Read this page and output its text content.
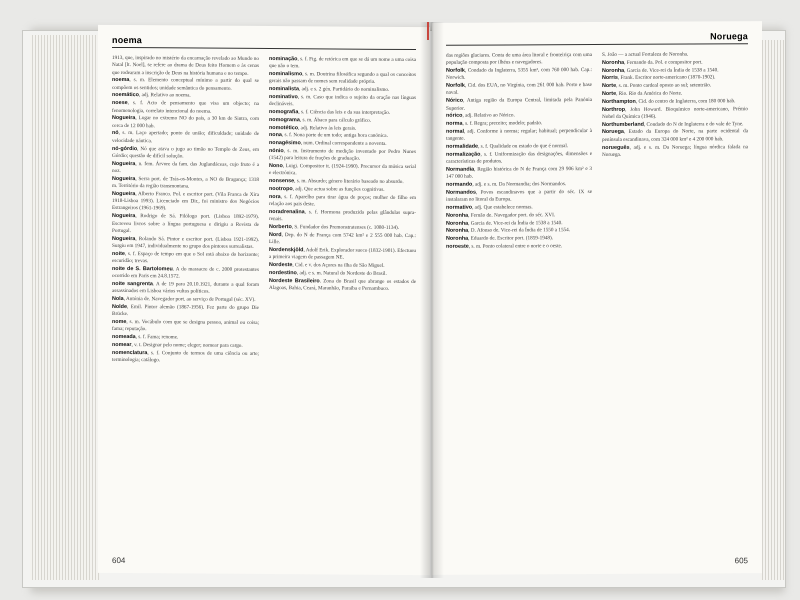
noema
1913, que, inspirado no mistério da encarnação revelado ao Mundo no Natal [lt. Noel], se refere ao drama de Deus feito Homem e às cenas que rodearam a inscrição de Deus na história humana e no tempo.
noema, s. m. Elemento conceptual mínimo a partir do qual se compõem os sentidos; unidade semântica do pensamento.
noemático, adj. Relativo ao noema.
noese, s. f. Acto de pensamento que visa um objecto; na fenomenologia, correlato intencional do noema.
Nogueira, Lugar no extremo NO do país, a 30 km de Sintra, com cerca de 12 000 hab.
nó, s. m. Laço apertado; ponto de união; dificuldade; unidade de velocidade náutica.
nó-górdio, Nó que atava o jugo ao timão no Templo de Zeus, em Górdio; questão de difícil solução.
Nogueira, n. fem. Árvore da fam. das Juglandáceas, cujo fruto é a noz.
Nogueira, Serra port. de Trás-os-Montes, a NO de Bragança; 1318 m. Território da região transmontana.
Nogueira, Alberto Franco. Pol. e escritor port. (Vila Franca de Xira 1918-Lisboa 1993). Licenciado em Dir., foi ministro dos Negócios Estrangeiros (1961-1969).
Nogueira, Rodrigo de Sá. Filólogo port. (Lisboa 1892-1979). Escreveu livros sobre a língua portuguesa e dirigiu a Revista de Portugal.
Nogueira, Rolando Sá. Pintor e escritor port. (Lisboa 1921-1992). Surgiu em 1947, individualmente no grupo dos pintores surrealistas.
noite, s. f. Espaço de tempo em que o Sol está abaixo do horizonte; escuridão; trevas.
noite de S. Bartolomeu. A do massacre de c. 2000 protestantes ocorrido em Paris em 24.8.1572.
noite sangrenta. A de 19 para 20.10.1921, durante a qual foram assassinados em Lisboa vários vultos políticos.
Nola, Antónia de. Navegador port. ao serviço de Portugal (séc. XV).
Nolde, Emil. Pintor alemão (1867-1956). Fez parte do grupo Die Brücke.
nome, s. m. Vocábulo com que se designa pessoa, animal ou coisa; fama; reputação.
nomeada, s. f. Fama; renome.
nomear, v. t. Designar pelo nome; eleger; nomear para cargo.
nomenclatura, s. f. Conjunto de termos de uma ciência ou arte; terminologia; catálogo.
nominação, s. f. Fig. de retórica em que se dá um nome a uma coisa que não o tem.
nominalismo, s. m. Doutrina filosófica segundo a qual os conceitos gerais não passam de nomes sem realidade própria.
nominalista, adj. e s. 2 gén. Partidário do nominalismo.
nominativo, s. m. Caso que indica o sujeito da oração nas línguas declináveis.
nomografia, s. f. Ciência das leis e da sua interpretação.
nomograma, s. m. Ábaco para cálculo gráfico.
nomotético, adj. Relativo às leis gerais.
nona, s. f. Nona parte de um todo; antiga hora canónica.
nonagésimo, num. Ordinal correspondente a noventa.
nónio, s. m. Instrumento de medição inventado por Pedro Nunes (1542) para leitura de frações de graduação.
Nono, Luigi. Compositor it. (1924-1990). Precursor da música serial e electrónica.
nonsense, s. m. Absurdo; género literário baseado no absurdo.
nootropo, adj. Que actua sobre as funções cognitivas.
nora, s. f. Aparelho para tirar água de poços; mulher do filho em relação aos pais deste.
noradrenalina, s. f. Hormona produzida pelas glândulas supra-renais.
Norberto, S. Fundador dos Premonstratenses (c. 1080-1134).
Nord, Dep. do N de França com 5742 km² e 2 555 000 hab. Cap.: Lille.
Nordenskjöld, Adolf Erik. Explorador sueco (1832-1901). Efectuou a primeira viagem de passagem NE.
Nordeste, Cid. e v. dos Açores na ilha de São Miguel.
nordestino, adj. e s. m. Natural do Nordeste do Brasil.
Nordeste Brasileiro. Zona do Brasil que abrange os estados de Alagoas, Bahia, Ceará, Maranhão, Paraíba e Pernambuco.
604
Noruega
das regiões glaciares. Conta de uma área litoral e fronteiriça com uma população composta por ilhéus e navegadores.
Norfolk, Condado da Inglaterra, 5355 km², com 760 000 hab. Cap.: Norwich.
Norfolk, Cid. dos EUA, no Virgínia, com 261 000 hab. Porto e base naval.
Nórico, Antiga região da Europa Central, limitada pela Panónia Superior.
nórico, adj. Relativo ao Nórico.
norma, s. f. Regra; preceito; modelo; padrão.
normal, adj. Conforme à norma; regular; habitual; perpendicular à tangente.
normalidade, s. f. Qualidade ou estado do que é normal.
normalização, s. f. Uniformização das designações, dimensões e características de produtos.
Normandia, Região histórica do N de França com 29 906 km² e 3 147 000 hab.
normando, adj. e s. m. Da Normandia; dos Normandos.
Normandos, Povos escandinavos que a partir do séc. IX se instalaram no litoral da Europa.
normativo, adj. Que estabelece normas.
Noronha, Fernão de. Navegador port. do séc. XVI.
Noronha, Garcia de. Vice-rei da Índia de 1538 a 1540.
Noronha, D. Afonso de. Vice-rei da Índia de 1550 a 1554.
Noronha, Eduardo de. Escritor port. (1859-1948).
noroeste, s. m. Ponto colateral entre o norte e o oeste.
S. João — a actual Fortaleza de Noronha.
Noronha, Fernando da. Pol. e compositor port.
Noronha, Garcia de. Vice-rei da Índia de 1538 a 1540.
Norris, Frank. Escritor norte-americano (1870-1902).
Norte, s. m. Ponto cardeal oposto ao sul; setentrião.
Norte, Rio. Rio da América do Norte.
Northampton, Cid. do centro de Inglaterra, com 180 000 hab.
Northrop, John Howard. Bioquímico norte-americano, Prémio Nobel da Química (1946).
Northumberland, Condado do N de Inglaterra e do vale de Tyne.
Noruega, Estado da Europa do Norte, na parte ocidental da península escandinava, com 324 000 km² e 4 200 000 hab.
norueguês, adj. e s. m. Da Noruega; língua nórdica falada na Noruega.
605
